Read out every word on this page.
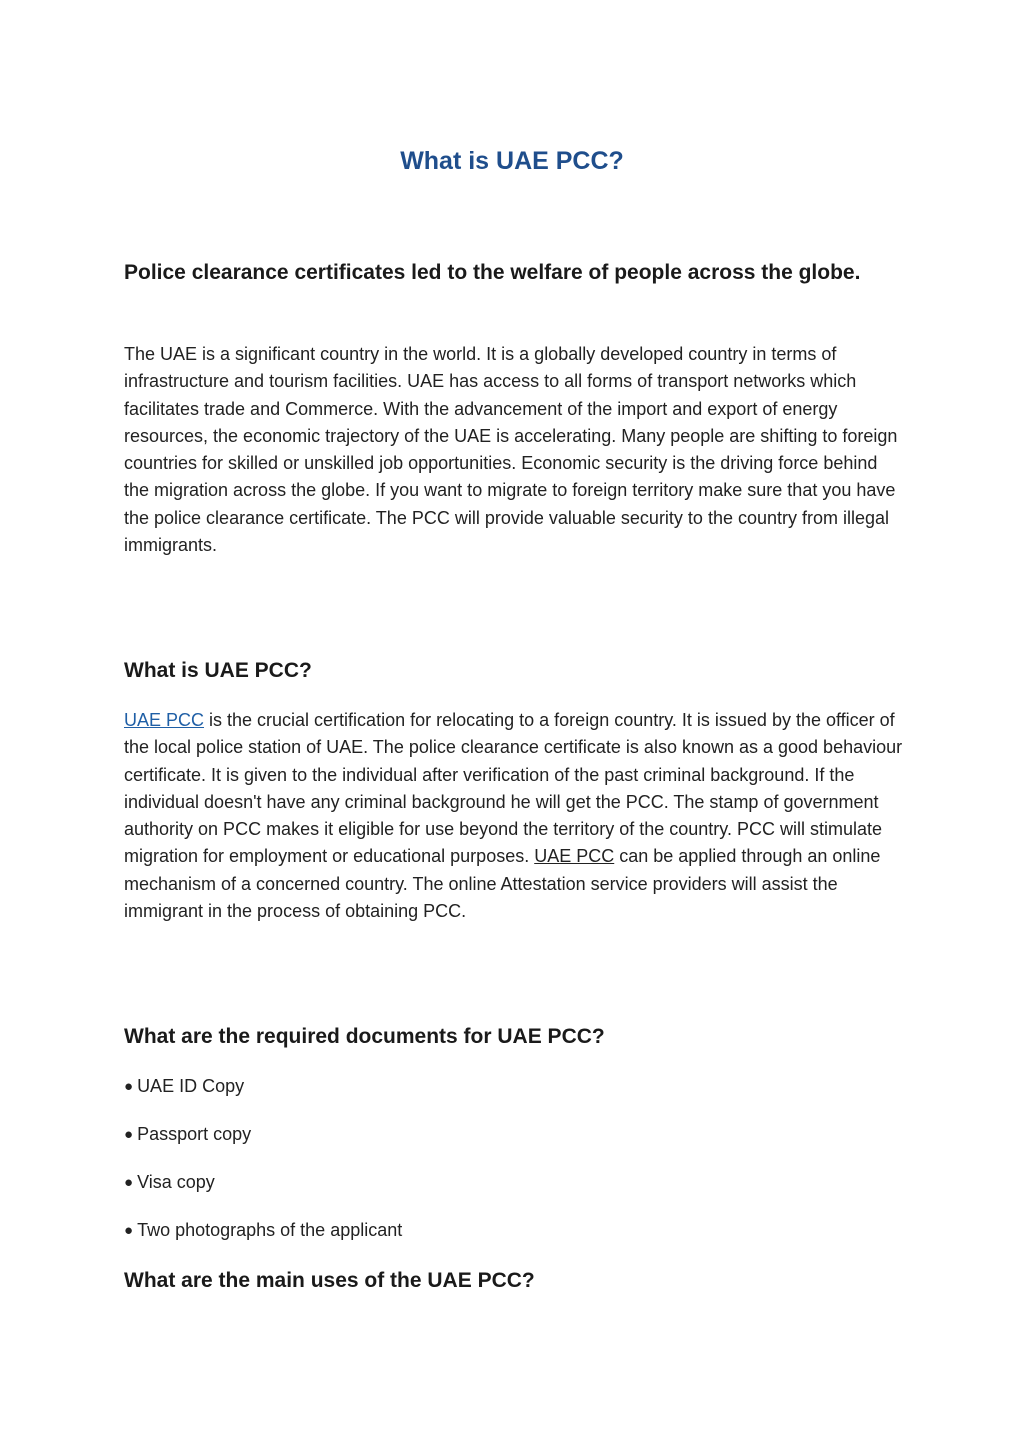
What is UAE PCC?
Police clearance certificates led to the welfare of people across the globe.

The UAE is a significant country in the world. It is a globally developed country in terms of infrastructure and tourism facilities. UAE has access to all forms of transport networks which facilitates trade and Commerce. With the advancement of the import and export of energy resources, the economic trajectory of the UAE is accelerating. Many people are shifting to foreign countries for skilled or unskilled job opportunities. Economic security is the driving force behind the migration across the globe. If you want to migrate to foreign territory make sure that you have the police clearance certificate. The PCC will provide valuable security to the country from illegal immigrants.

What is UAE PCC?

UAE PCC is the crucial certification for relocating to a foreign country. It is issued by the officer of the local police station of UAE. The police clearance certificate is also known as a good behaviour certificate. It is given to the individual after verification of the past criminal background. If the individual doesn't have any criminal background he will get the PCC. The stamp of government authority on PCC makes it eligible for use beyond the territory of the country. PCC will stimulate migration for employment or educational purposes. UAE PCC can be applied through an online mechanism of a concerned country. The online Attestation service providers will assist the immigrant in the process of obtaining PCC.

What are the required documents for UAE PCC?
● UAE ID Copy
● Passport copy
● Visa copy
● Two photographs of the applicant
What are the main uses of the UAE PCC?
